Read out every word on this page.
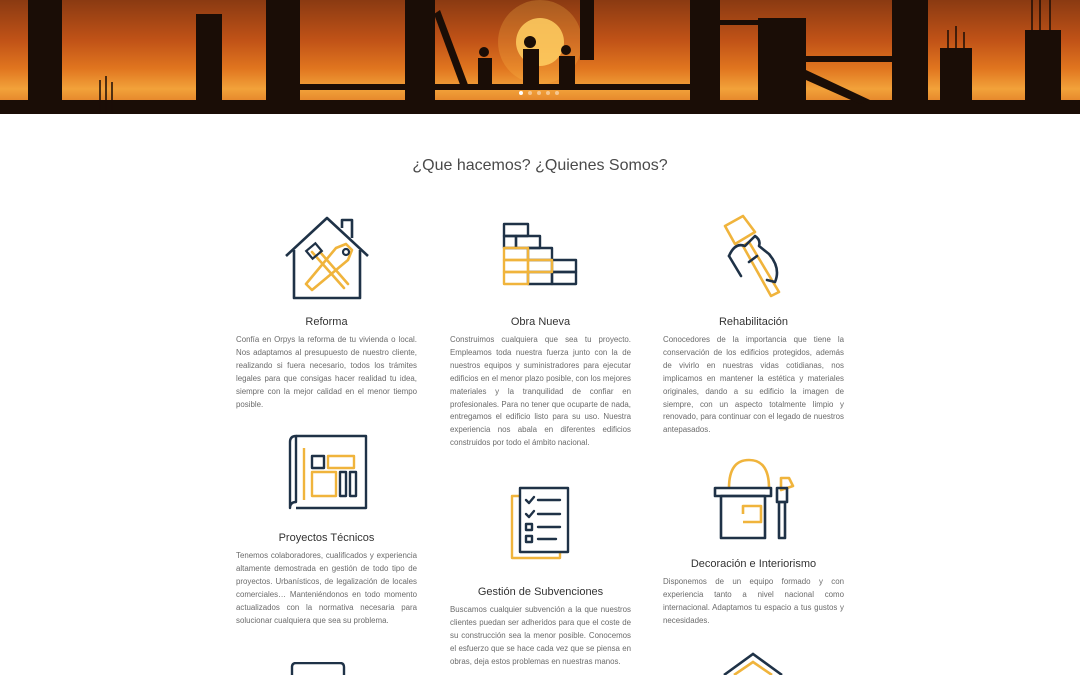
¿Que hacemos? ¿Quienes Somos?
Reforma

Confía en Orpys la reforma de tu vivienda o local. Nos adaptamos al presupuesto de nuestro cliente, realizando si fuera necesario, todos los trámites legales para que consigas hacer realidad tu idea, siempre con la mejor calidad en el menor tiempo posible.

Obra Nueva

Construimos cualquiera que sea tu proyecto. Empleamos toda nuestra fuerza junto con la de nuestros equipos y suministradores para ejecutar edificios en el menor plazo posible, con los mejores materiales y la tranquilidad de confiar en profesionales. Para no tener que ocuparte de nada, entregamos el edificio listo para su uso. Nuestra experiencia nos abala en diferentes edificios construidos por todo el ámbito nacional.

Rehabilitación

Conocedores de la importancia que tiene la conservación de los edificios protegidos, además de vivirlo en nuestras vidas cotidianas, nos implicamos en mantener la estética y materiales originales, dando a su edificio la imagen de siempre, con un aspecto totalmente limpio y renovado, para continuar con el legado de nuestros antepasados.

Proyectos Técnicos

Tenemos colaboradores, cualificados y experiencia altamente demostrada en gestión de todo tipo de proyectos. Urbanísticos, de legalización de locales comerciales… Manteniéndonos en todo momento actualizados con la normativa necesaria para solucionar cualquiera que sea su problema.

Gestión de Subvenciones

Buscamos cualquier subvención a la que nuestros clientes puedan ser adheridos para que el coste de su construcción sea la menor posible. Conocemos el esfuerzo que se hace cada vez que se piensa en obras, deja estos problemas en nuestras manos.

Decoración e Interiorismo

Disponemos de un equipo formado y con experiencia tanto a nivel nacional como internacional. Adaptamos tu espacio a tus gustos y necesidades.
